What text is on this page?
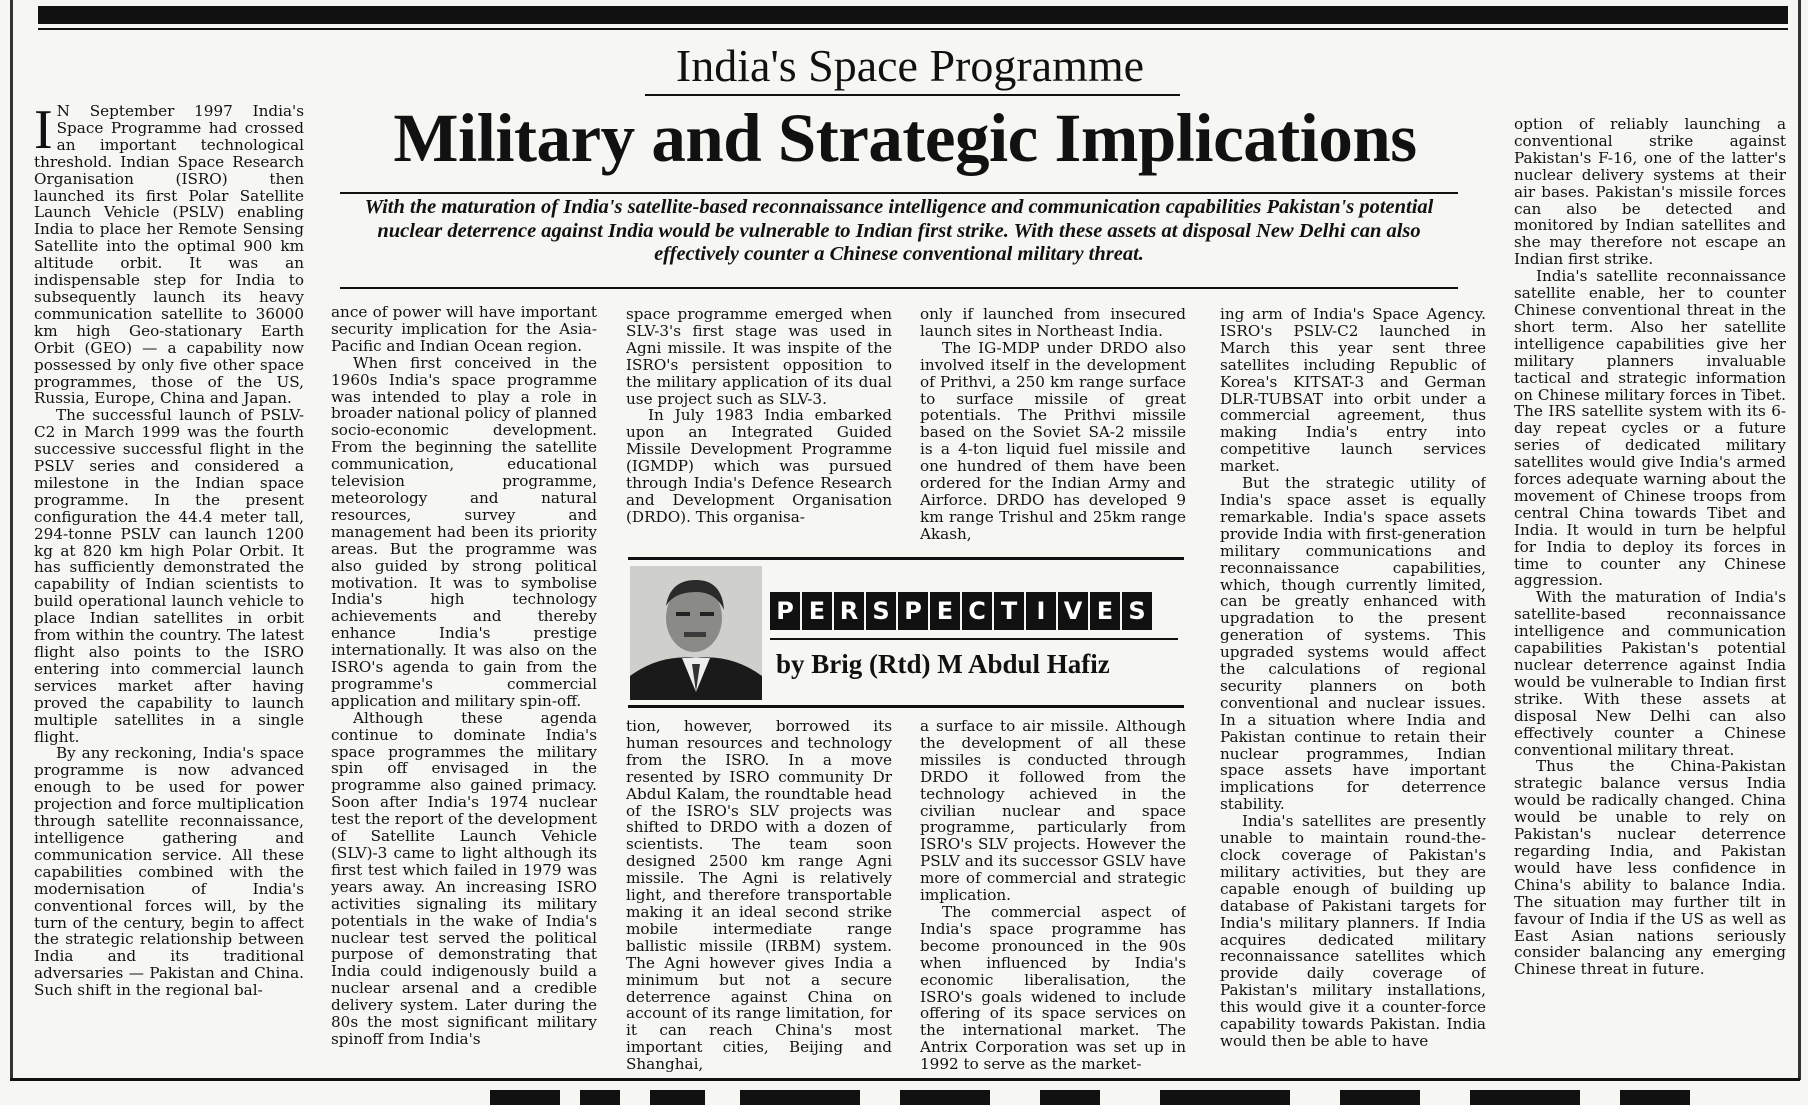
India's Space Programme
Military and Strategic Implications
With the maturation of India's satellite-based reconnaissance intelligence and communication capabilities Pakistan's potential nuclear deterrence against India would be vulnerable to Indian first strike. With these assets at disposal New Delhi can also effectively counter a Chinese conventional military threat.

I N September 1997 India's Space Programme had crossed an important technological threshold. Indian Space Research Organisation (ISRO) then launched its first Polar Satellite Launch Vehicle (PSLV) enabling India to place her Remote Sensing Satellite into the optimal 900 km altitude orbit. It was an indispensable step for India to subsequently launch its heavy communication satellite to 36000 km high Geo-stationary Earth Orbit (GEO) — a capability now possessed by only five other space programmes, those of the US, Russia, Europe, China and Japan.

The successful launch of PSLV-C2 in March 1999 was the fourth successive successful flight in the PSLV series and considered a milestone in the Indian space programme. In the present configuration the 44.4 meter tall, 294-tonne PSLV can launch 1200 kg at 820 km high Polar Orbit. It has sufficiently demonstrated the capability of Indian scientists to build operational launch vehicle to place Indian satellites in orbit from within the country. The latest flight also points to the ISRO entering into commercial launch services market after having proved the capability to launch multiple satellites in a single flight.

By any reckoning, India's space programme is now advanced enough to be used for power projection and force multiplication through satellite reconnaissance, intelligence gathering and communication service. All these capabilities combined with the modernisation of India's conventional forces will, by the turn of the century, begin to affect the strategic relationship between India and its traditional adversaries — Pakistan and China. Such shift in the regional bal-

ance of power will have important security implication for the Asia-Pacific and Indian Ocean region.

When first conceived in the 1960s India's space programme was intended to play a role in broader national policy of planned socio-economic development. From the beginning the satellite communication, educational television programme, meteorology and natural resources, survey and management had been its priority areas. But the programme was also guided by strong political motivation. It was to symbolise India's high technology achievements and thereby enhance India's prestige internationally. It was also on the ISRO's agenda to gain from the programme's commercial application and military spin-off.

Although these agenda continue to dominate India's space programmes the military spin off envisaged in the programme also gained primacy. Soon after India's 1974 nuclear test the report of the development of Satellite Launch Vehicle (SLV)-3 came to light although its first test which failed in 1979 was years away. An increasing ISRO activities signaling its military potentials in the wake of India's nuclear test served the political purpose of demonstrating that India could indigenously build a nuclear arsenal and a credible delivery system. Later during the 80s the most significant military spinoff from India's

space programme emerged when SLV-3's first stage was used in Agni missile. It was inspite of the ISRO's persistent opposition to the military application of its dual use project such as SLV-3.

In July 1983 India embarked upon an Integrated Guided Missile Development Programme (IGMDP) which was pursued through India's Defence Research and Development Organisation (DRDO). This organisa-

only if launched from insecured launch sites in Northeast India.

The IG-MDP under DRDO also involved itself in the development of Prithvi, a 250 km range surface to surface missile of great potentials. The Prithvi missile based on the Soviet SA-2 missile is a 4-ton liquid fuel missile and one hundred of them have been ordered for the Indian Army and Airforce. DRDO has developed 9 km range Trishul and 25km range Akash,

P E R S P E C T I V E S
by Brig (Rtd) M Abdul Hafiz

tion, however, borrowed its human resources and technology from the ISRO. In a move resented by ISRO community Dr Abdul Kalam, the roundtable head of the ISRO's SLV projects was shifted to DRDO with a dozen of scientists. The team soon designed 2500 km range Agni missile. The Agni is relatively light, and therefore transportable making it an ideal second strike mobile intermediate range ballistic missile (IRBM) system. The Agni however gives India a minimum but not a secure deterrence against China on account of its range limitation, for it can reach China's most important cities, Beijing and Shanghai,

a surface to air missile. Although the development of all these missiles is conducted through DRDO it followed from the technology achieved in the civilian nuclear and space programme, particularly from ISRO's SLV projects. However the PSLV and its successor GSLV have more of commercial and strategic implication.

The commercial aspect of India's space programme has become pronounced in the 90s when influenced by India's economic liberalisation, the ISRO's goals widened to include offering of its space services on the international market. The Antrix Corporation was set up in 1992 to serve as the market-

ing arm of India's Space Agency. ISRO's PSLV-C2 launched in March this year sent three satellites including Republic of Korea's KITSAT-3 and German DLR-TUBSAT into orbit under a commercial agreement, thus making India's entry into competitive launch services market.

But the strategic utility of India's space asset is equally remarkable. India's space assets provide India with first-generation military communications and reconnaissance capabilities, which, though currently limited, can be greatly enhanced with upgradation to the present generation of systems. This upgraded systems would affect the calculations of regional security planners on both conventional and nuclear issues. In a situation where India and Pakistan continue to retain their nuclear programmes, Indian space assets have important implications for deterrence stability.

India's satellites are presently unable to maintain round-the-clock coverage of Pakistan's military activities, but they are capable enough of building up database of Pakistani targets for India's military planners. If India acquires dedicated military reconnaissance satellites which provide daily coverage of Pakistan's military installations, this would give it a counter-force capability towards Pakistan. India would then be able to have

option of reliably launching a conventional strike against Pakistan's F-16, one of the latter's nuclear delivery systems at their air bases. Pakistan's missile forces can also be detected and monitored by Indian satellites and she may therefore not escape an Indian first strike.

India's satellite reconnaissance satellite enable, her to counter Chinese conventional threat in the short term. Also her satellite intelligence capabilities give her military planners invaluable tactical and strategic information on Chinese military forces in Tibet. The IRS satellite system with its 6-day repeat cycles or a future series of dedicated military satellites would give India's armed forces adequate warning about the movement of Chinese troops from central China towards Tibet and India. It would in turn be helpful for India to deploy its forces in time to counter any Chinese aggression.

With the maturation of India's satellite-based reconnaissance intelligence and communication capabilities Pakistan's potential nuclear deterrence against India would be vulnerable to Indian first strike. With these assets at disposal New Delhi can also effectively counter a Chinese conventional military threat.

Thus the China-Pakistan strategic balance versus India would be radically changed. China would be unable to rely on Pakistan's nuclear deterrence regarding India, and Pakistan would have less confidence in China's ability to balance India. The situation may further tilt in favour of India if the US as well as East Asian nations seriously consider balancing any emerging Chinese threat in future.
